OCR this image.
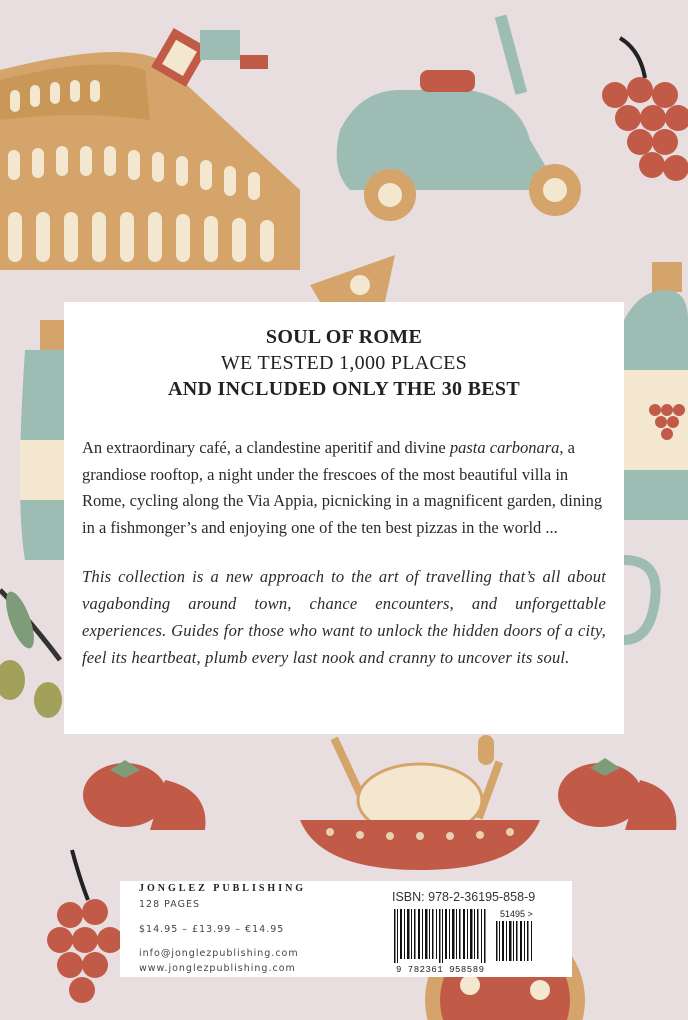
SOUL OF ROME
WE TESTED 1,000 PLACES
AND INCLUDED ONLY THE 30 BEST

An extraordinary café, a clandestine aperitif and divine pasta carbonara, a grandiose rooftop, a night under the frescoes of the most beautiful villa in Rome, cycling along the Via Appia, picnicking in a magnificent garden, dining in a fishmonger’s and enjoying one of the ten best pizzas in the world ...

This collection is a new approach to the art of travelling that’s all about vagabonding around town, chance encounters, and unforgettable experiences. Guides for those who want to unlock the hidden doors of a city, feel its heartbeat, plumb every last nook and cranny to uncover its soul.

JONGLEZ PUBLISHING
128 PAGES
$14.95 – £13.99 – €14.95
info@jonglezpublishing.com
www.jonglezpublishing.com
ISBN: 978-2-36195-858-9
51495 >
9 782361 958589
